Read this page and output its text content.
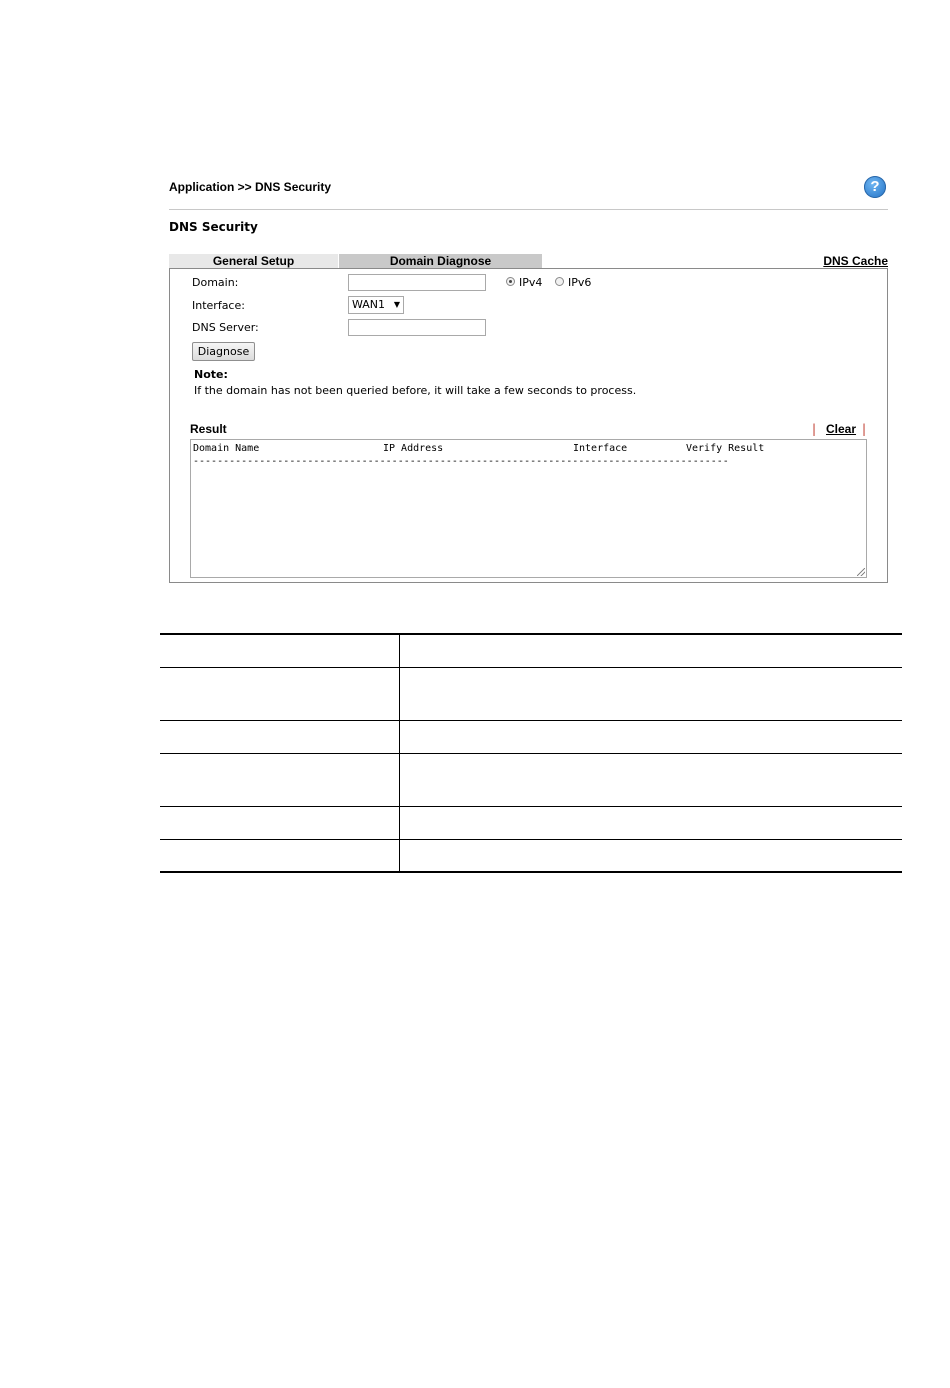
Application >> DNS Security	?
DNS Security
General Setup	Domain Diagnose	DNS Cache
Domain:	IPv4 IPv6
Interface:	WAN1 ▼
DNS Server:
Diagnose
Note:
If the domain has not been queried before, it will take a few seconds to process.
Result	| Clear |
Domain Name	IP Address	Interface	Verify Result
-----------------------------------------------------------------------------------------
